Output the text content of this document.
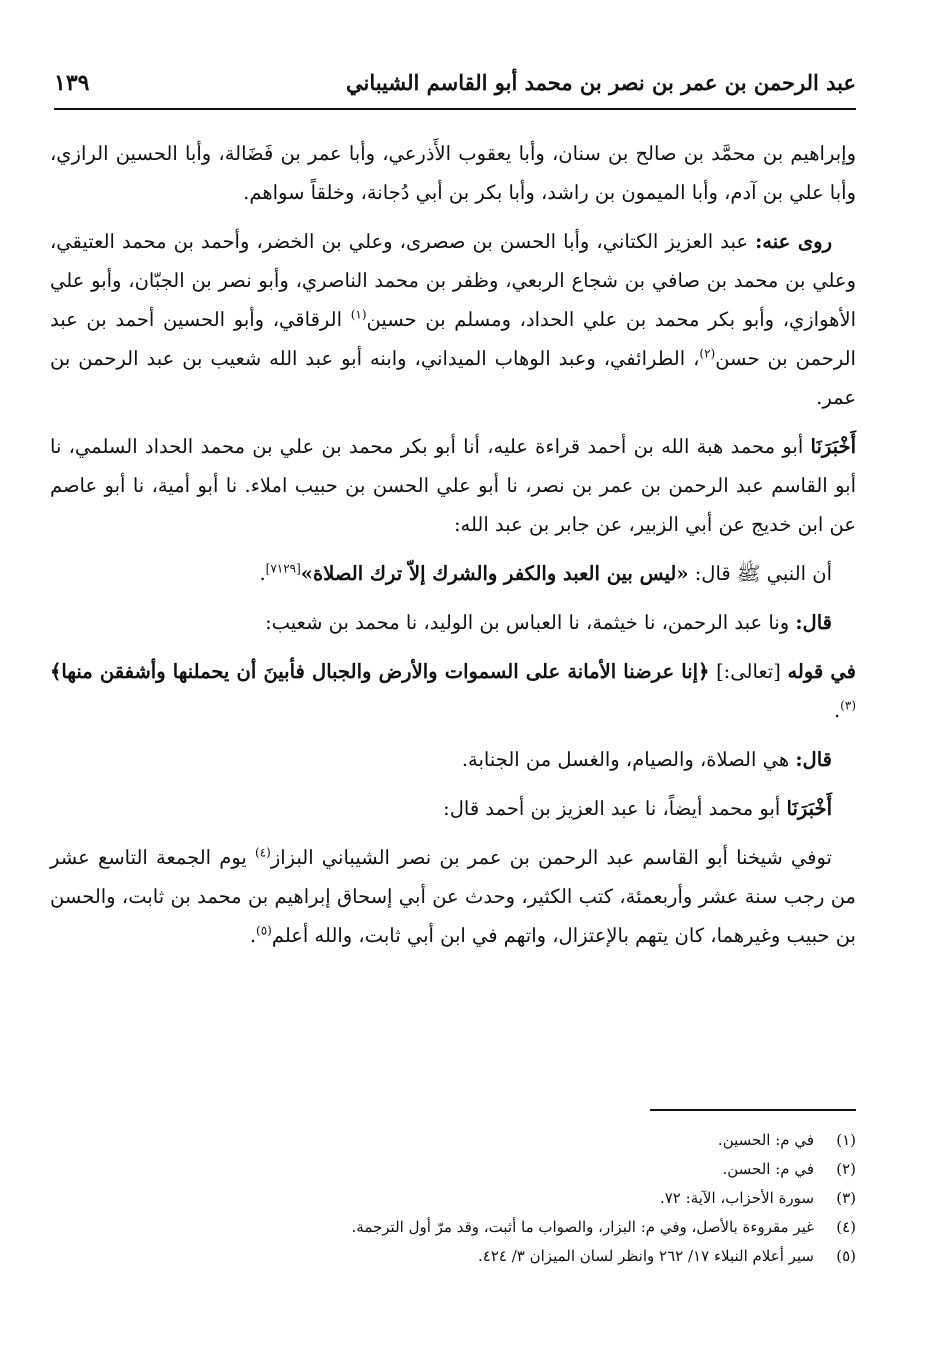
عبد الرحمن بن عمر بن نصر بن محمد أبو القاسم الشيباني
١٣٩

وإبراهيم بن محمَّد بن صالح بن سنان، وأبا يعقوب الأَذرعي، وأبا عمر بن فَضَالة، وأبا الحسين الرازي، وأبا علي بن آدم، وأبا الميمون بن راشد، وأبا بكر بن أبي دُجانة، وخلقاً سواهم.

روى عنه: عبد العزيز الكتاني، وأبا الحسن بن صصرى، وعلي بن الخضر، وأحمد بن محمد العتيقي، وعلي بن محمد بن صافي بن شجاع الربعي، وظفر بن محمد الناصري، وأبو نصر بن الجبّان، وأبو علي الأهوازي، وأبو بكر محمد بن علي الحداد، ومسلم بن حسين$^{(١)}$ الرقاقي، وأبو الحسين أحمد بن عبد الرحمن بن حسن$^{(٢)}$، الطرائفي، وعبد الوهاب الميداني، وابنه أبو عبد الله شعيب بن عبد الرحمن بن عمر.

أَخْبَرَنَا أبو محمد هبة الله بن أحمد قراءة عليه، أنا أبو بكر محمد بن علي بن محمد الحداد السلمي، نا أبو القاسم عبد الرحمن بن عمر بن نصر، نا أبو علي الحسن بن حبيب املاء. نا أبو أمية، نا أبو عاصم عن ابن خديج عن أبي الزبير، عن جابر بن عبد الله:

أن النبي ﷺ قال: «ليس بين العبد والكفر والشرك إلاّ ترك الصلاة»[٧١٢٩].

قال: ونا عبد الرحمن، نا خيثمة، نا العباس بن الوليد، نا محمد بن شعيب:

في قوله [تعالى:] ﴿إنا عرضنا الأمانة على السموات والأرض والجبال فأبينَ أن يحملنها وأشفقن منها﴾$^{(٣)}$.

قال: هي الصلاة، والصيام، والغسل من الجنابة.

أَخْبَرَنَا أبو محمد أيضاً، نا عبد العزيز بن أحمد قال:

توفي شيخنا أبو القاسم عبد الرحمن بن عمر بن نصر الشيباني البزاز$^{(٤)}$ يوم الجمعة التاسع عشر من رجب سنة عشر وأربعمئة، كتب الكثير، وحدث عن أبي إسحاق إبراهيم بن محمد بن ثابت، والحسن بن حبيب وغيرهما، كان يتهم بالإعتزال، واتهم في ابن أبي ثابت، والله أعلم$^{(٥)}$.

(١)
في م: الحسين.
(٢)
في م: الحسن.
(٣)
سورة الأحزاب، الآية: ٧٢.
(٤)
غير مقروءة بالأصل، وفي م: البزار، والصواب ما أثبت، وقد مرّ أول الترجمة.
(٥)
سير أعلام النبلاء ١٧/ ٢٦٢ وانظر لسان الميزان ٣/ ٤٢٤.
